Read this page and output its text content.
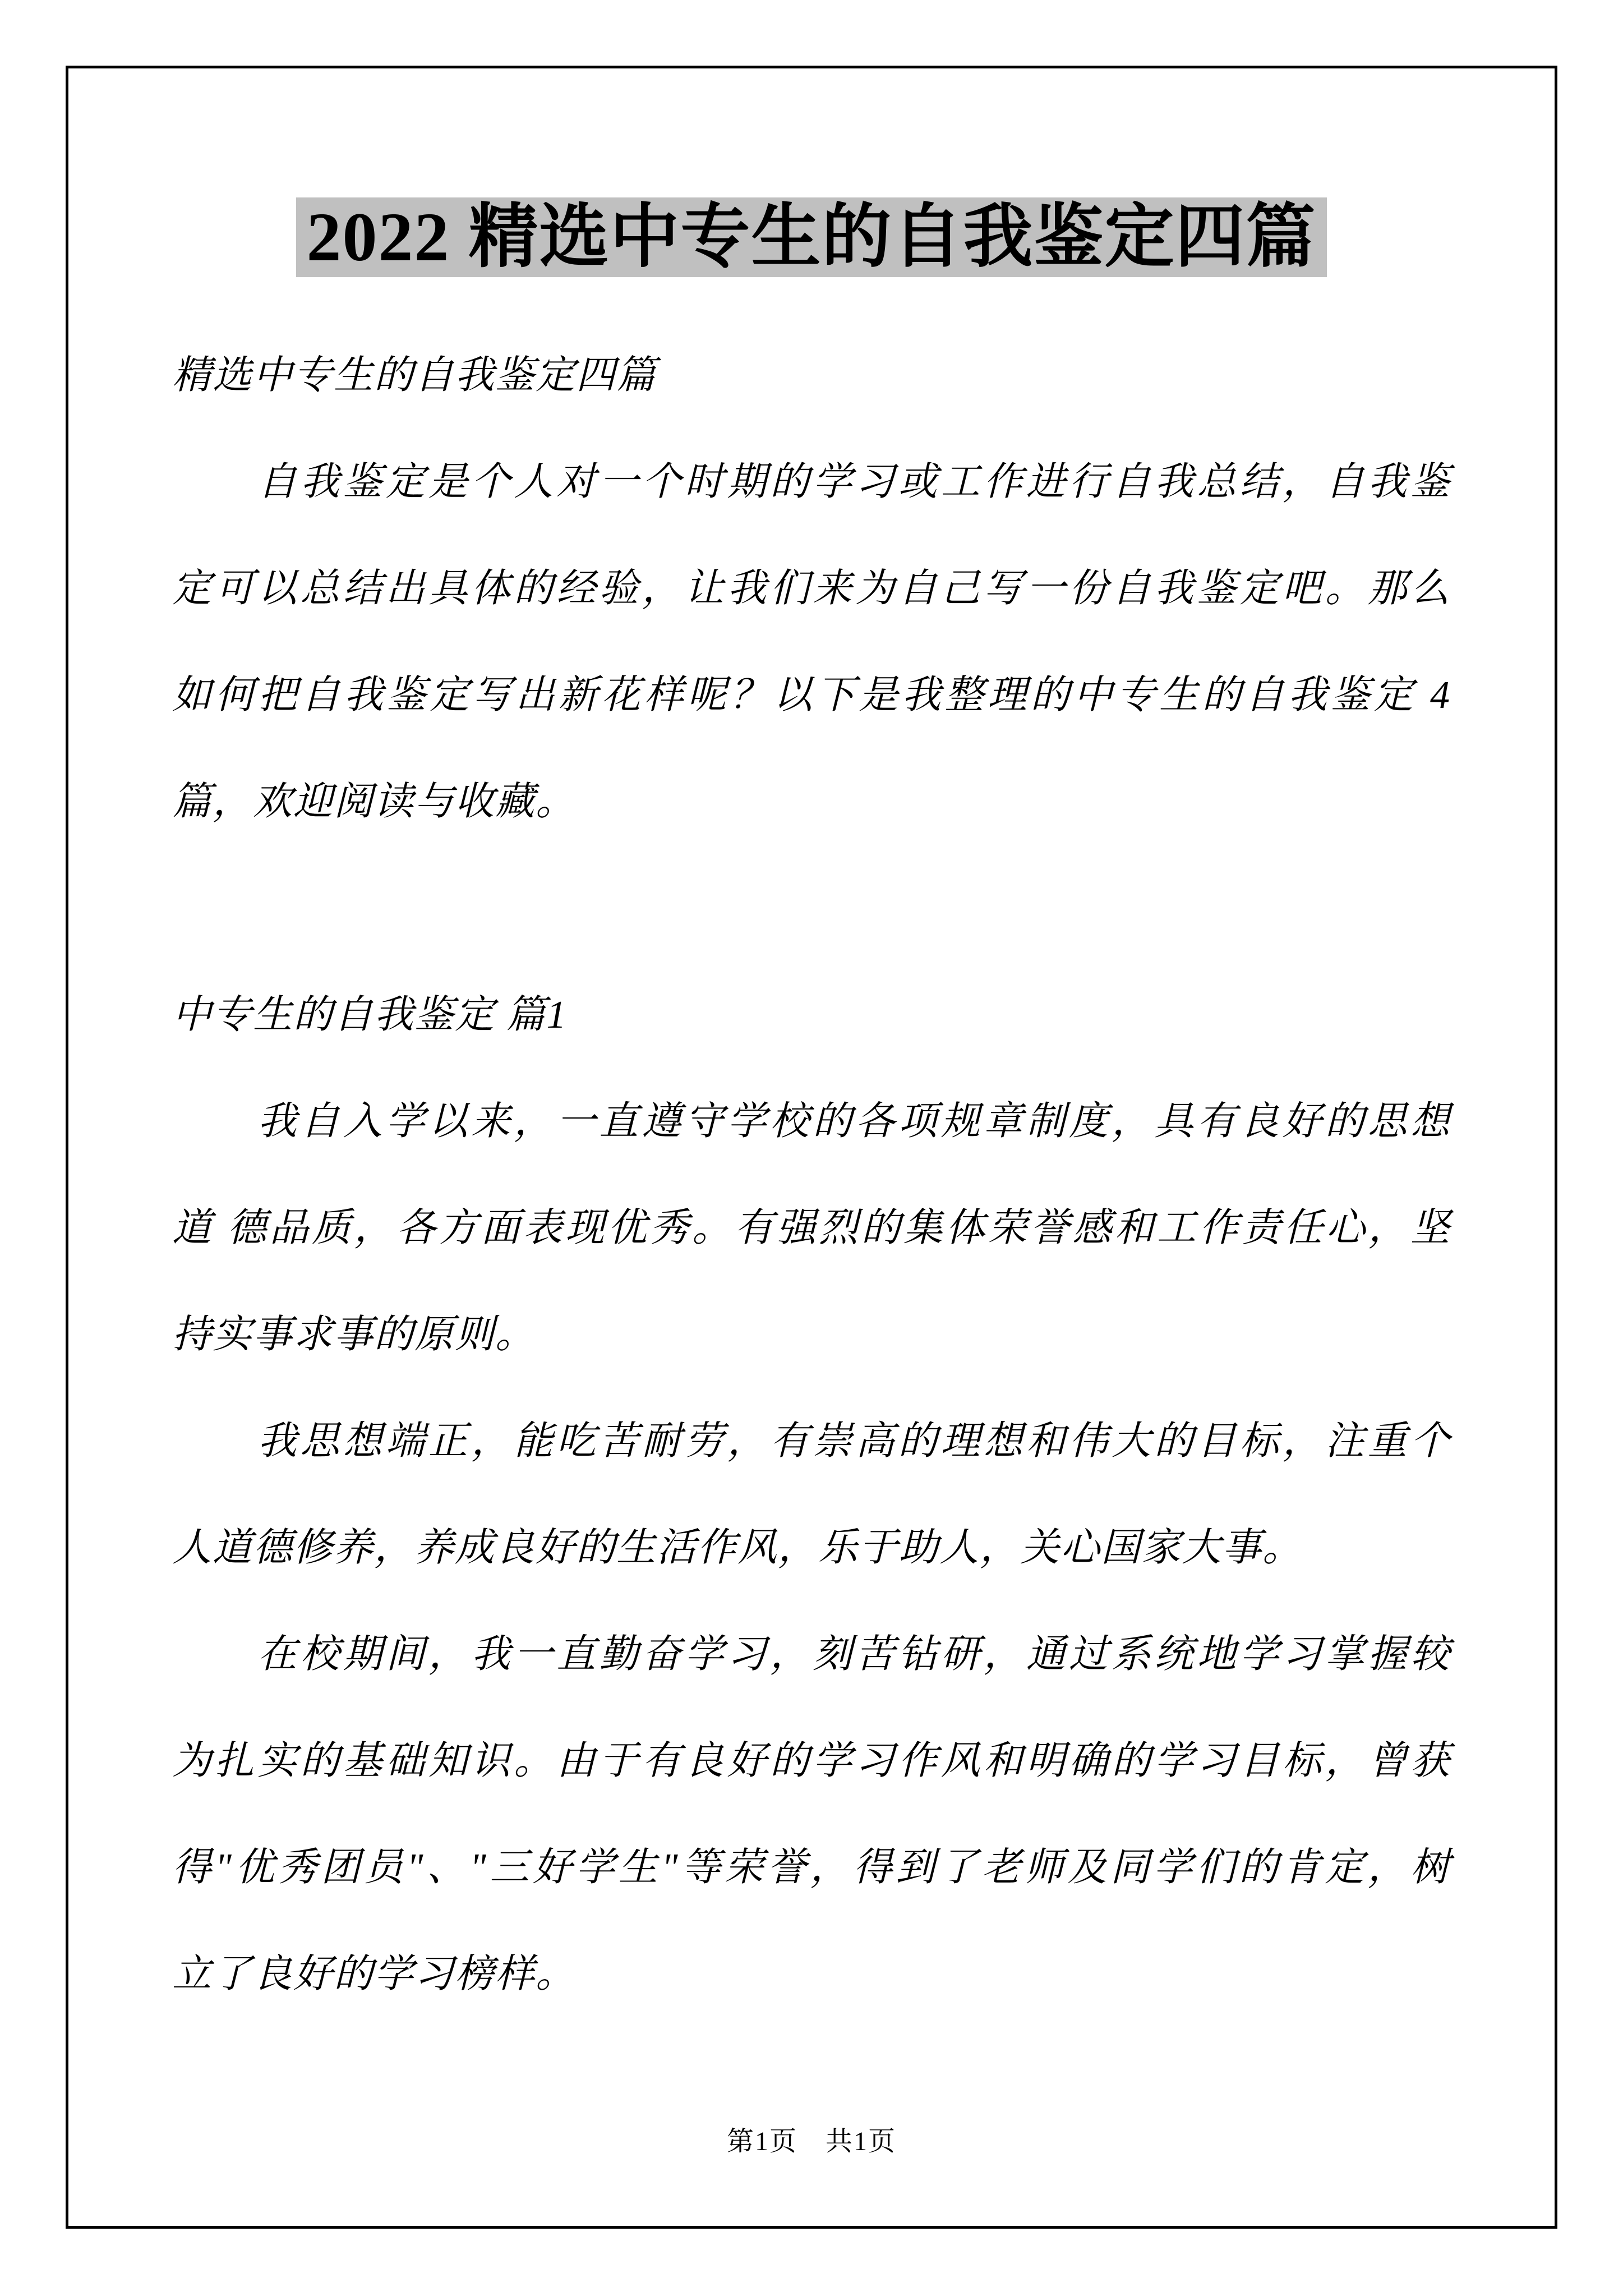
2022 精选中专生的自我鉴定四篇
精选中专生的自我鉴定四篇
　　自我鉴定是个人对一个时期的学习或工作进行自我总结，自我鉴
定可以总结出具体的经验，让我们来为自己写一份自我鉴定吧。那么
如何把自我鉴定写出新花样呢？以下是我整理的中专生的自我鉴定 4
篇，欢迎阅读与收藏。
中专生的自我鉴定 篇1
　　我自入学以来，一直遵守学校的各项规章制度，具有良好的思想
道 德品质，各方面表现优秀。有强烈的集体荣誉感和工作责任心，坚
持实事求事的原则。
　　我思想端正，能吃苦耐劳，有崇高的理想和伟大的目标，注重个
人道德修养，养成良好的生活作风，乐于助人，关心国家大事。
　　在校期间，我一直勤奋学习，刻苦钻研，通过系统地学习掌握较
为扎实的基础知识。由于有良好的学习作风和明确的学习目标，曾获
得"优秀团员"、"三好学生"等荣誉，得到了老师及同学们的肯定，树
立了良好的学习榜样。
第1页　共1页
